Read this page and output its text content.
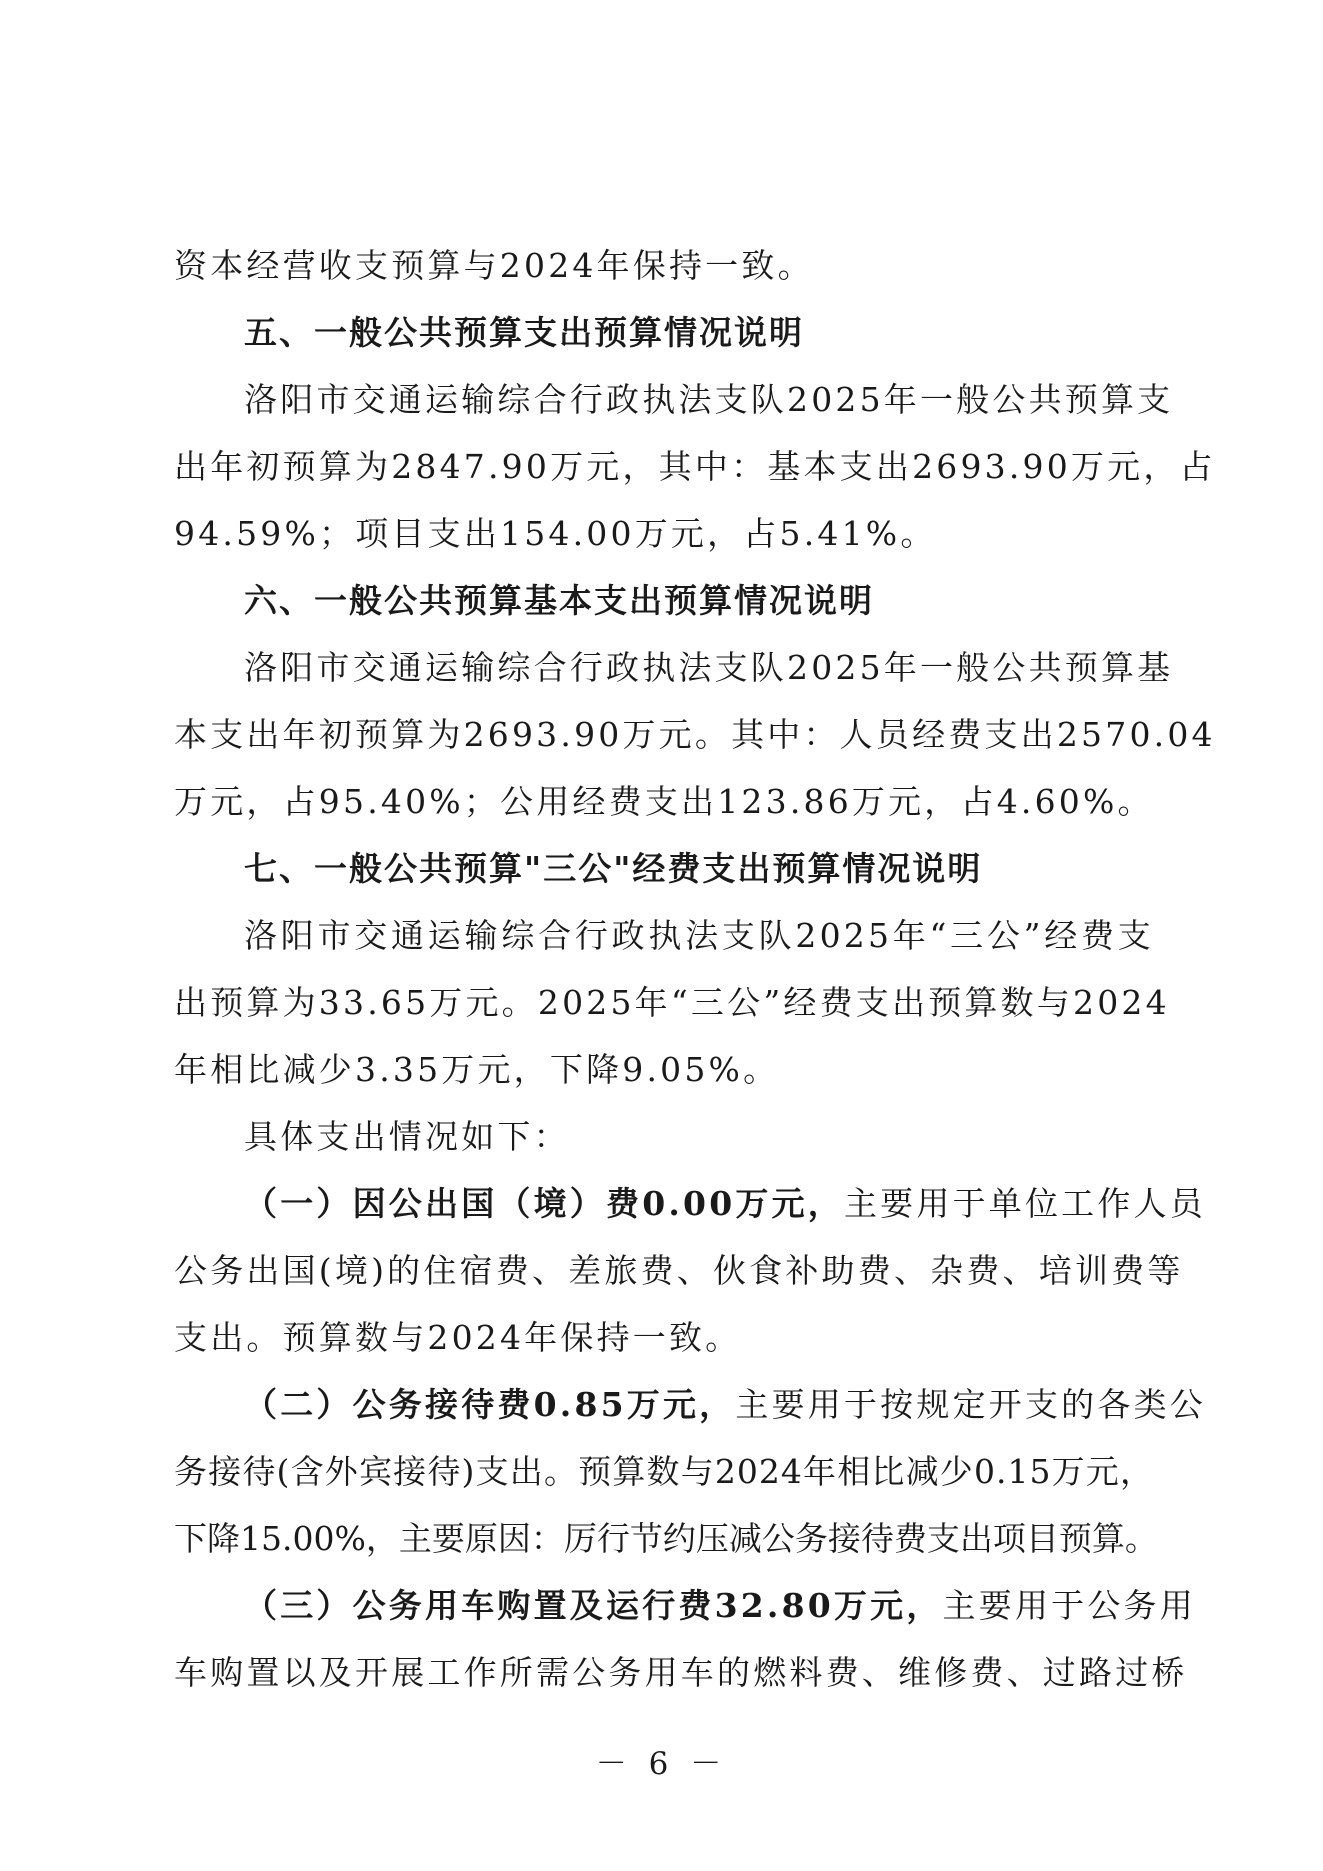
资本经营收支预算与2024年保持一致。
五、一般公共预算支出预算情况说明
洛阳市交通运输综合行政执法支队2025年一般公共预算支
出年初预算为2847.90万元，其中：基本支出2693.90万元，占
94.59%；项目支出154.00万元，占5.41%。
六、一般公共预算基本支出预算情况说明
洛阳市交通运输综合行政执法支队2025年一般公共预算基
本支出年初预算为2693.90万元。其中：人员经费支出2570.04
万元，占95.40%；公用经费支出123.86万元，占4.60%。
七、一般公共预算"三公"经费支出预算情况说明
洛阳市交通运输综合行政执法支队2025年“三公”经费支
出预算为33.65万元。2025年“三公”经费支出预算数与2024
年相比减少3.35万元，下降9.05%。
具体支出情况如下：
（一）因公出国（境）费0.00万元，主要用于单位工作人员
公务出国(境)的住宿费、差旅费、伙食补助费、杂费、培训费等
支出。预算数与2024年保持一致。
（二）公务接待费0.85万元，主要用于按规定开支的各类公
务接待(含外宾接待)支出。预算数与2024年相比减少0.15万元，
下降15.00%，主要原因：厉行节约压减公务接待费支出项目预算。
（三）公务用车购置及运行费32.80万元，主要用于公务用
车购置以及开展工作所需公务用车的燃料费、维修费、过路过桥
－ 6 －
